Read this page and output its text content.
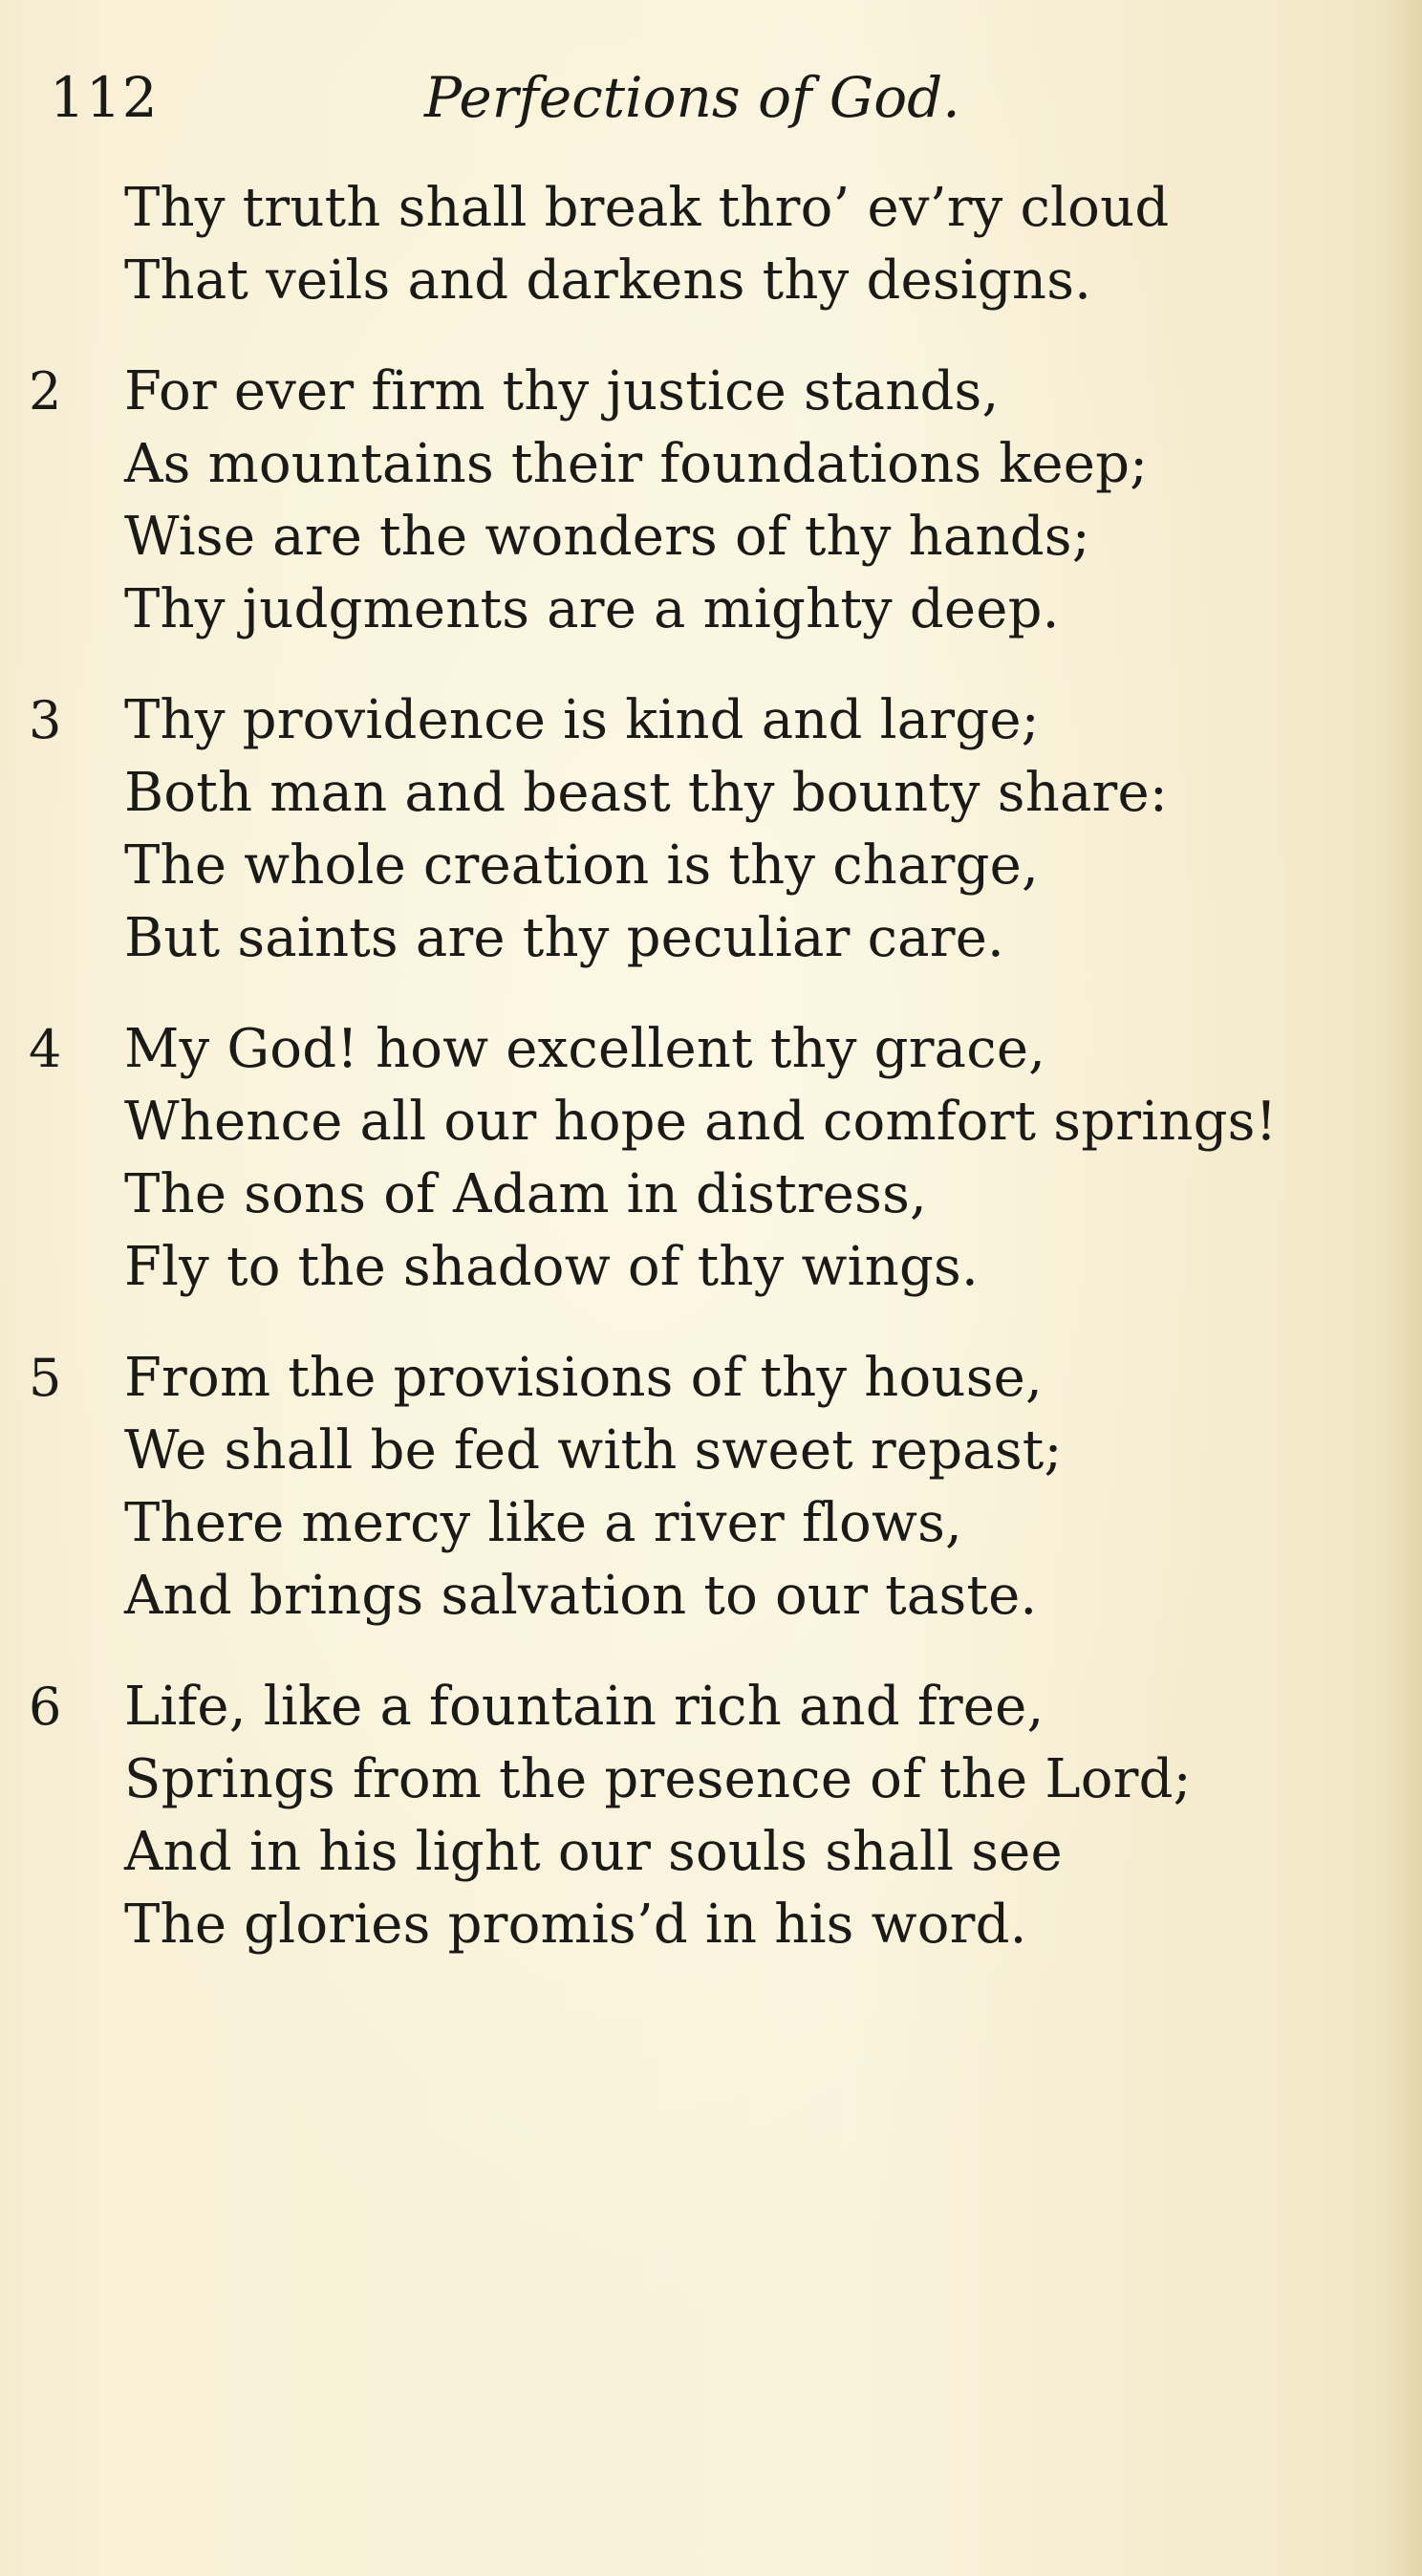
112	Perfections of God.
Thy truth shall break thro’ ev’ry cloud
That veils and darkens thy designs.
2	For ever firm thy justice stands,
As mountains their foundations keep;
Wise are the wonders of thy hands;
Thy judgments are a mighty deep.
3	Thy providence is kind and large;
Both man and beast thy bounty share:
The whole creation is thy charge,
But saints are thy peculiar care.
4	My God! how excellent thy grace,
Whence all our hope and comfort springs!
The sons of Adam in distress,
Fly to the shadow of thy wings.
5	From the provisions of thy house,
We shall be fed with sweet repast;
There mercy like a river flows,
And brings salvation to our taste.
6	Life, like a fountain rich and free,
Springs from the presence of the Lord;
And in his light our souls shall see
The glories promis’d in his word.
